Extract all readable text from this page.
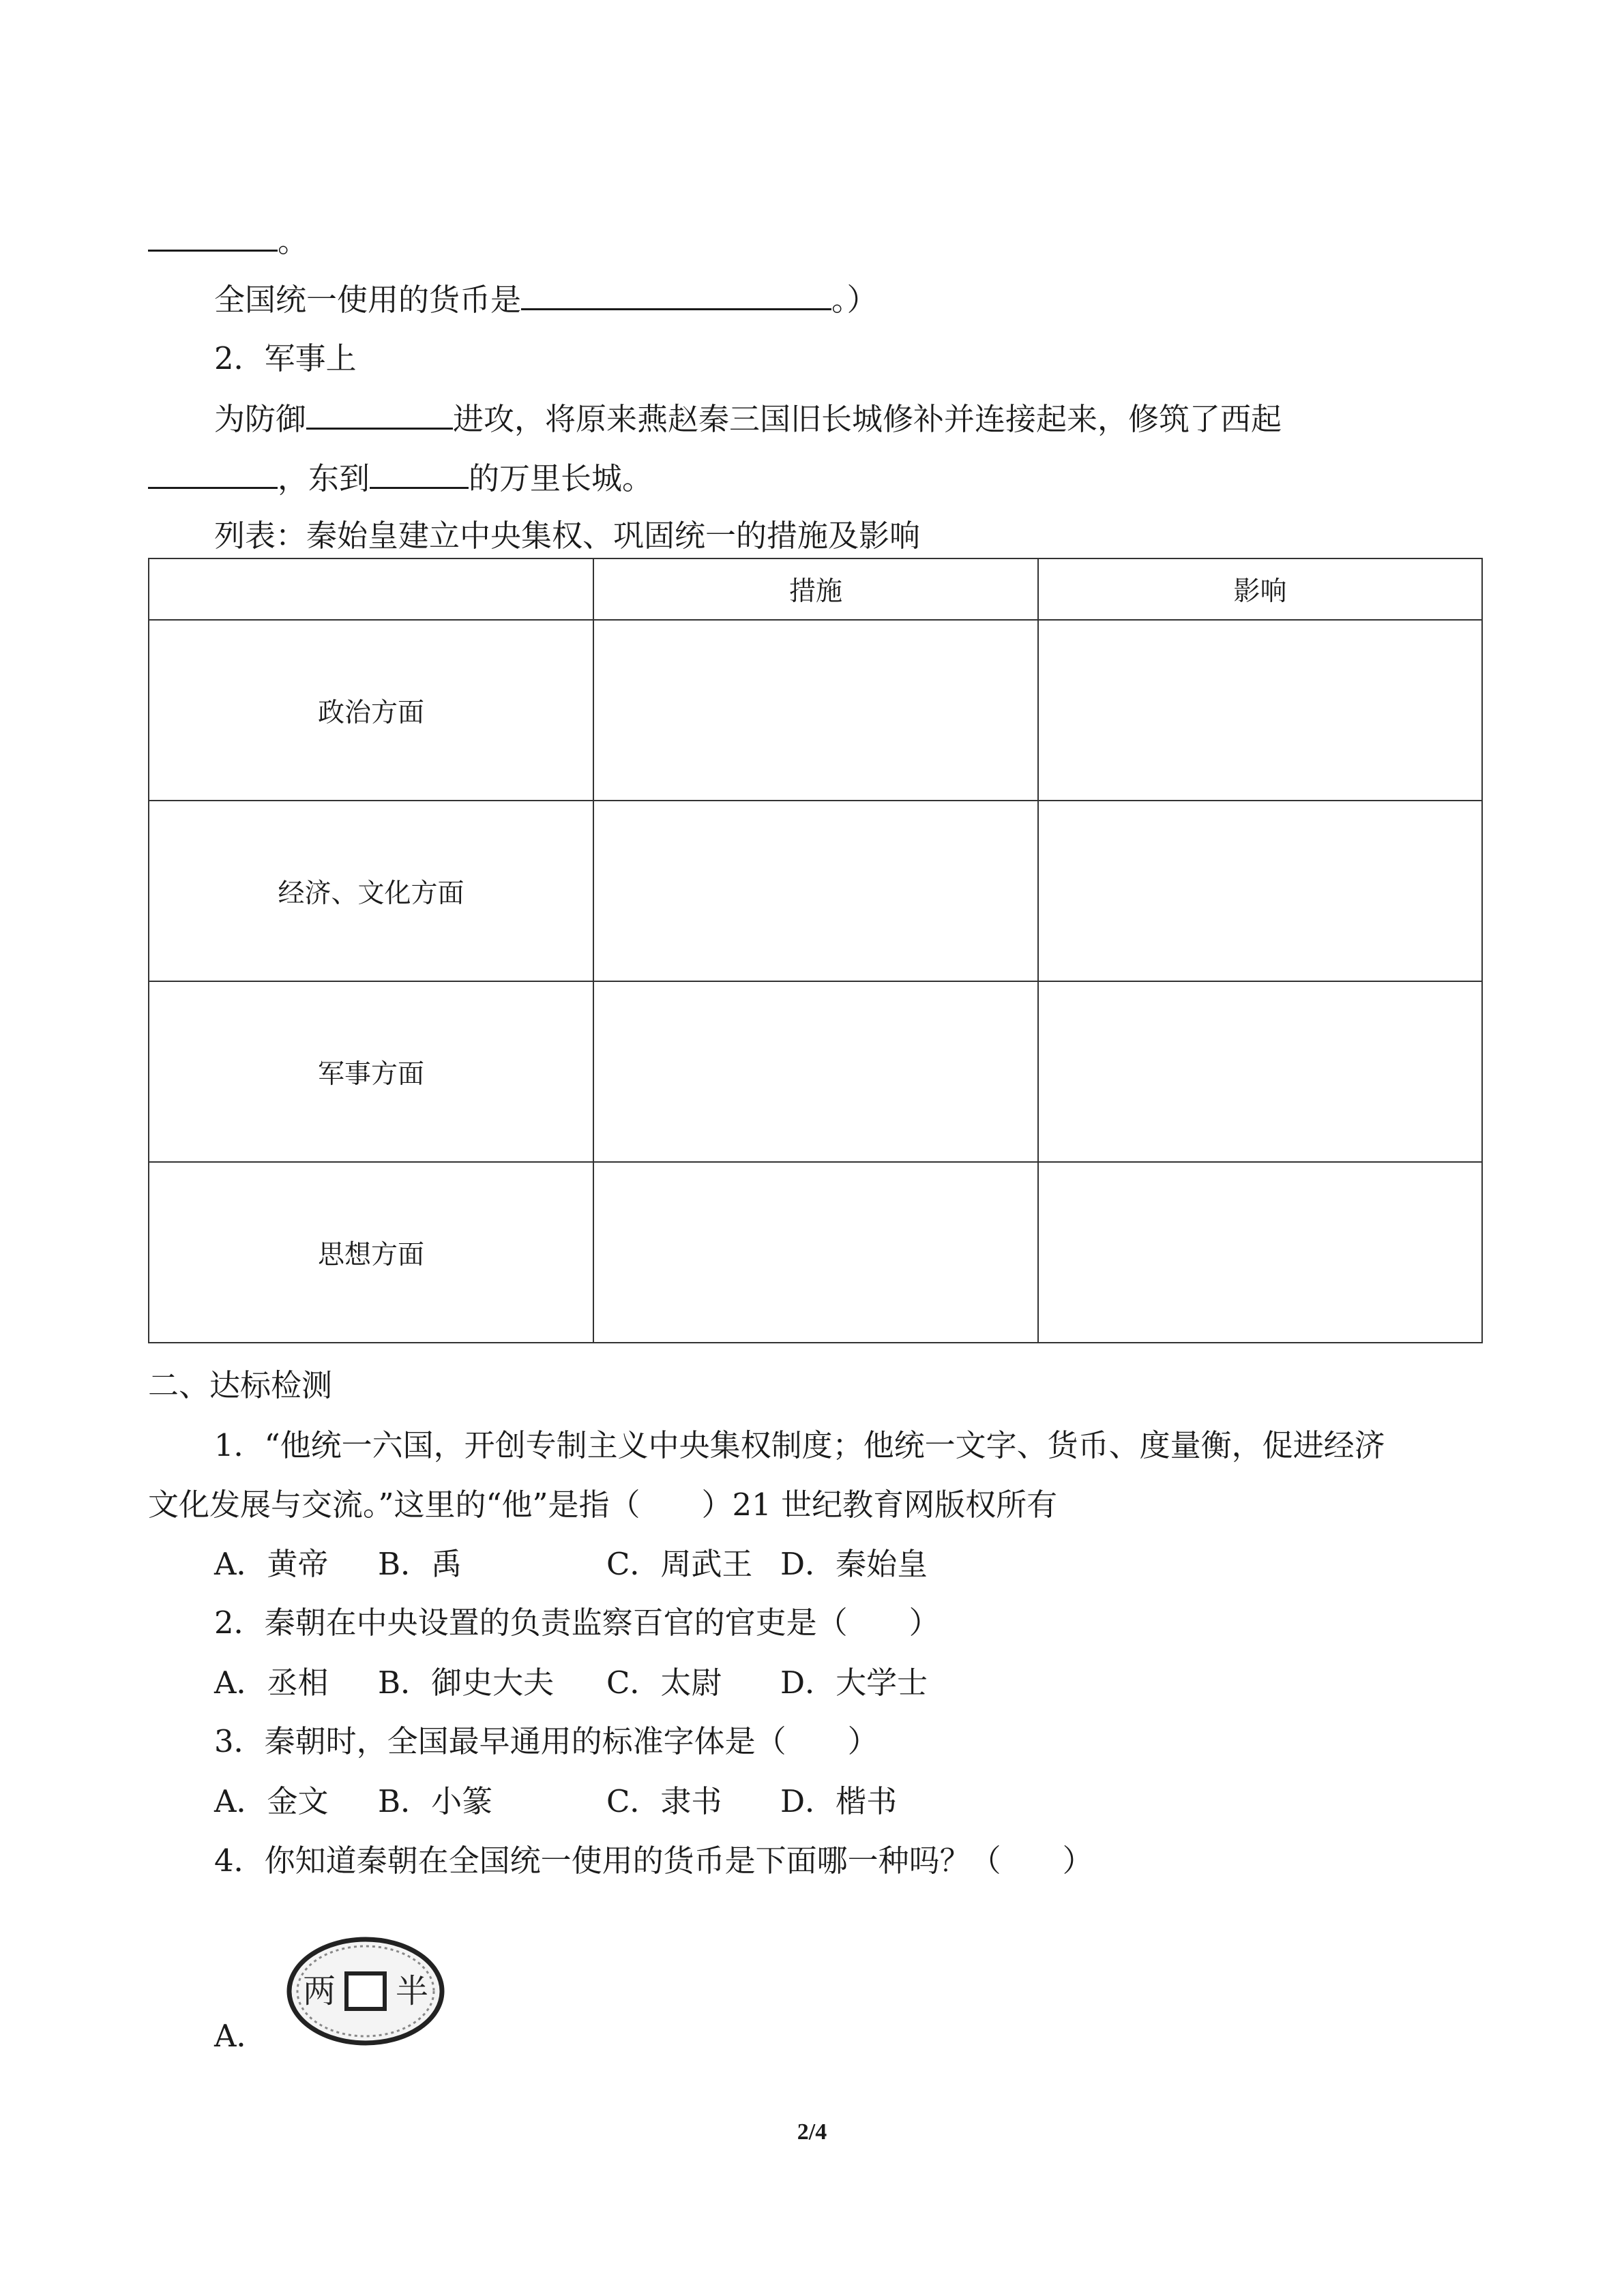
。
全国统一使用的货币是	。）
2．军事上
为防御	进攻，将原来燕赵秦三国旧长城修补并连接起来，修筑了西起
，东到	的万里长城。
列表：秦始皇建立中央集权、巩固统一的措施及影响
	措施	影响
政治方面		
经济、文化方面		
军事方面		
思想方面		
二、达标检测
1．“他统一六国，开创专制主义中央集权制度；他统一文字、货币、度量衡，促进经济
文化发展与交流。”这里的“他”是指（　　）21 世纪教育网版权所有
A．黄帝 B．禹	C．周武王 D．秦始皇
2．秦朝在中央设置的负责监察百官的官吏是（　　）
A．丞相 B．御史大夫 C．太尉 D．大学士
3．秦朝时，全国最早通用的标准字体是（　　）
A．金文 B．小篆	C．隶书 D．楷书
4．你知道秦朝在全国统一使用的货币是下面哪一种吗？（　　）
两 半
A．
2/4
